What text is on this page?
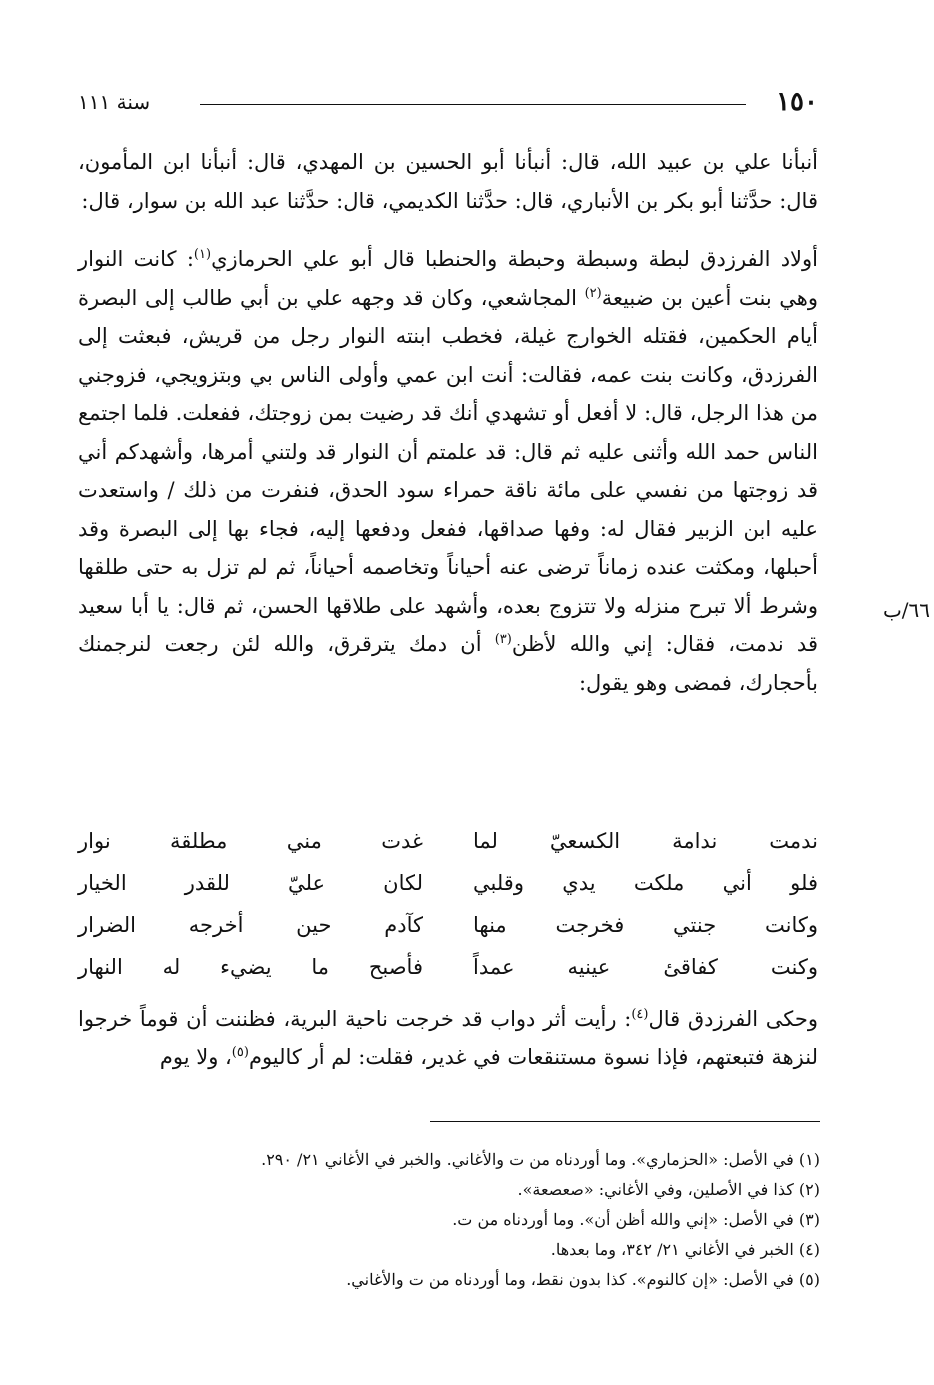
١٥٠
سنة ١١١
٦٦/ب

أنبأنا علي بن عبيد الله، قال: أنبأنا أبو الحسين بن المهدي، قال: أنبأنا ابن المأمون، قال: حدَّثنا أبو بكر بن الأنباري، قال: حدَّثنا الكديمي، قال: حدَّثنا عبد الله بن سوار، قال:

أولاد الفرزدق لبطة وسبطة وحبطة والحنطبا قال أبو علي الحرمازي$^{(١)}$: كانت النوار وهي بنت أعين بن ضبيعة$^{(٢)}$ المجاشعي، وكان قد وجهه علي بن أبي طالب إلى البصرة أيام الحكمين، فقتله الخوارج غيلة، فخطب ابنته النوار رجل من قريش، فبعثت إلى الفرزدق، وكانت بنت عمه، فقالت: أنت ابن عمي وأولى الناس بي وبتزويجي، فزوجني من هذا الرجل، قال: لا أفعل أو تشهدي أنك قد رضيت بمن زوجتك، ففعلت. فلما اجتمع الناس حمد الله وأثنى عليه ثم قال: قد علمتم أن النوار قد ولتني أمرها، وأشهدكم أني قد زوجتها من نفسي على مائة ناقة حمراء سود الحدق، فنفرت من ذلك / واستعدت عليه ابن الزبير فقال له: وفها صداقها، ففعل ودفعها إليه، فجاء بها إلى البصرة وقد أحبلها، ومكثت عنده زماناً ترضى عنه أحياناً وتخاصمه أحياناً، ثم لم تزل به حتى طلقها وشرط ألا تبرح منزله ولا تتزوج بعده، وأشهد على طلاقها الحسن، ثم قال: يا أبا سعيد قد ندمت، فقال: إني والله لأظن$^{(٣)}$ أن دمك يترقرق، والله لئن رجعت لنرجمنك بأحجارك، فمضى وهو يقول:

ندمت ندامة الكسعيّ لما
غدت مني مطلقة نوار
فلو أني ملكت يدي وقلبي
لكان عليّ للقدر الخيار
وكانت جنتي فخرجت منها
كآدم حين أخرجه الضرار
وكنت كفاقئ عينيه عمداً
فأصبح ما يضيء له النهار

وحكى الفرزدق قال$^{(٤)}$: رأيت أثر دواب قد خرجت ناحية البرية، فظننت أن قوماً خرجوا لنزهة فتبعتهم، فإذا نسوة مستنقعات في غدير، فقلت: لم أر كاليوم$^{(٥)}$، ولا يوم

(١) في الأصل: «الحزماري». وما أوردناه من ت والأغاني. والخبر في الأغاني ٢١/ ٢٩٠.
(٢) كذا في الأصلين، وفي الأغاني: «صعصعة».
(٣) في الأصل: «إني والله أظن أن». وما أوردناه من ت.
(٤) الخبر في الأغاني ٢١/ ٣٤٢، وما بعدها.
(٥) في الأصل: «إن كالنوم». كذا بدون نقط، وما أوردناه من ت والأغاني.
